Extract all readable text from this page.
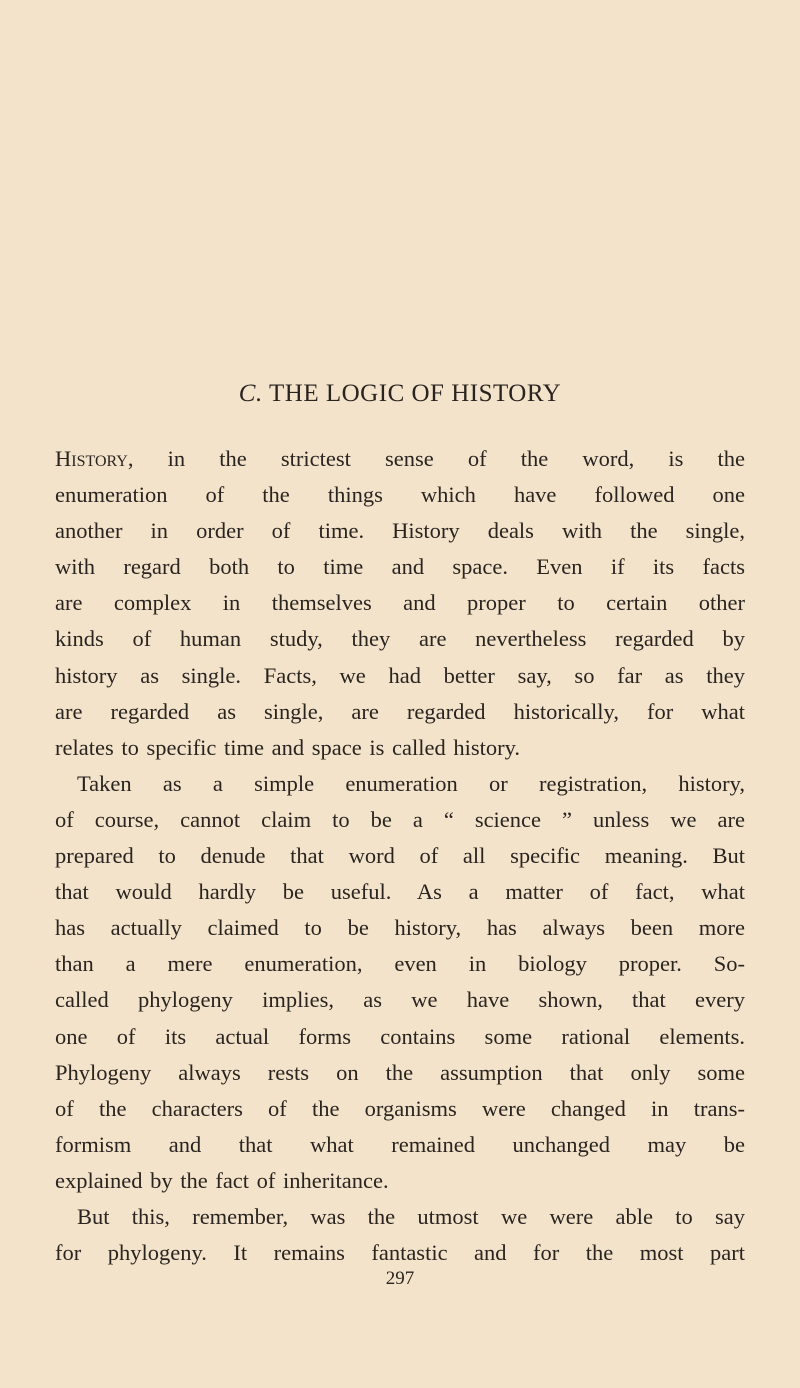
C. THE LOGIC OF HISTORY
History, in the strictest sense of the word, is the
enumeration of the things which have followed one
another in order of time. History deals with the single,
with regard both to time and space. Even if its facts
are complex in themselves and proper to certain other
kinds of human study, they are nevertheless regarded by
history as single. Facts, we had better say, so far as they
are regarded as single, are regarded historically, for what
relates to specific time and space is called history.
Taken as a simple enumeration or registration, history,
of course, cannot claim to be a “ science ” unless we are
prepared to denude that word of all specific meaning. But
that would hardly be useful. As a matter of fact, what
has actually claimed to be history, has always been more
than a mere enumeration, even in biology proper. So-
called phylogeny implies, as we have shown, that every
one of its actual forms contains some rational elements.
Phylogeny always rests on the assumption that only some
of the characters of the organisms were changed in trans-
formism and that what remained unchanged may be
explained by the fact of inheritance.
But this, remember, was the utmost we were able to say
for phylogeny. It remains fantastic and for the most part
297
